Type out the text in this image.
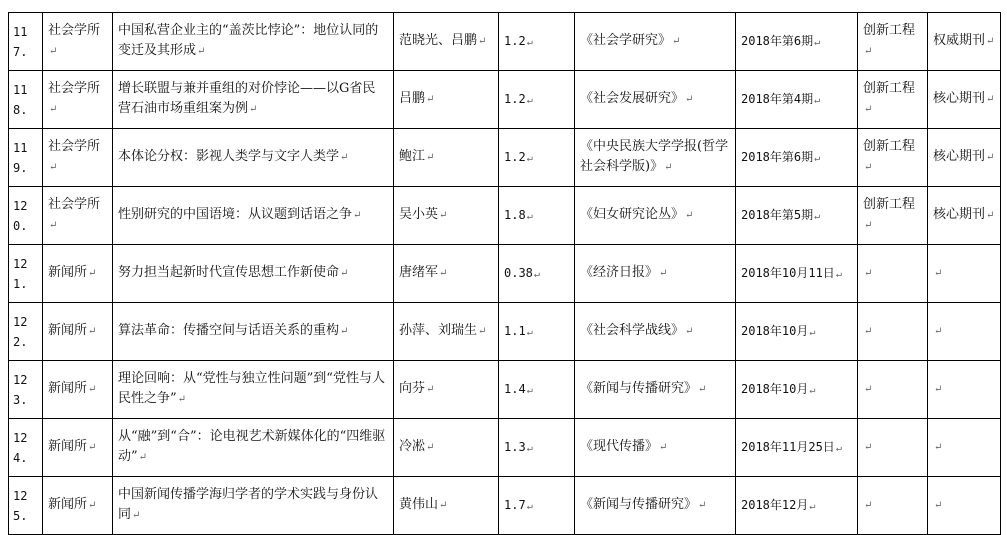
117.	社会学所↵	中国私营企业主的“盖茨比悖论”：地位认同的变迁及其形成↵	范晓光、吕鹏↵	1.2↵	《社会学研究》↵	2018年第6期↵	创新工程↵	权威期刊↵
118.	社会学所↵	增长联盟与兼并重组的对价悖论——以G省民营石油市场重组案为例↵	吕鹏↵	1.2↵	《社会发展研究》↵	2018年第4期↵	创新工程↵	核心期刊↵
119.	社会学所↵	本体论分权：影视人类学与文字人类学↵	鲍江↵	1.2↵	《中央民族大学学报(哲学社会科学版)》↵	2018年第6期↵	创新工程↵	核心期刊↵
120.	社会学所↵	性别研究的中国语境：从议题到话语之争↵	吴小英↵	1.8↵	《妇女研究论丛》↵	2018年第5期↵	创新工程↵	核心期刊↵
121.	新闻所↵	努力担当起新时代宣传思想工作新使命↵	唐绪军↵	0.38↵	《经济日报》↵	2018年10月11日↵	↵	↵
122.	新闻所↵	算法革命：传播空间与话语关系的重构↵	孙萍、刘瑞生↵	1.1↵	《社会科学战线》↵	2018年10月↵	↵	↵
123.	新闻所↵	理论回响：从“党性与独立性问题”到“党性与人民性之争”↵	向芬↵	1.4↵	《新闻与传播研究》↵	2018年10月↵	↵	↵
124.	新闻所↵	从“融”到“合”：论电视艺术新媒体化的“四维驱动”↵	冷凇↵	1.3↵	《现代传播》↵	2018年11月25日↵	↵	↵
125.	新闻所↵	中国新闻传播学海归学者的学术实践与身份认同↵	黄伟山↵	1.7↵	《新闻与传播研究》↵	2018年12月↵	↵	↵
